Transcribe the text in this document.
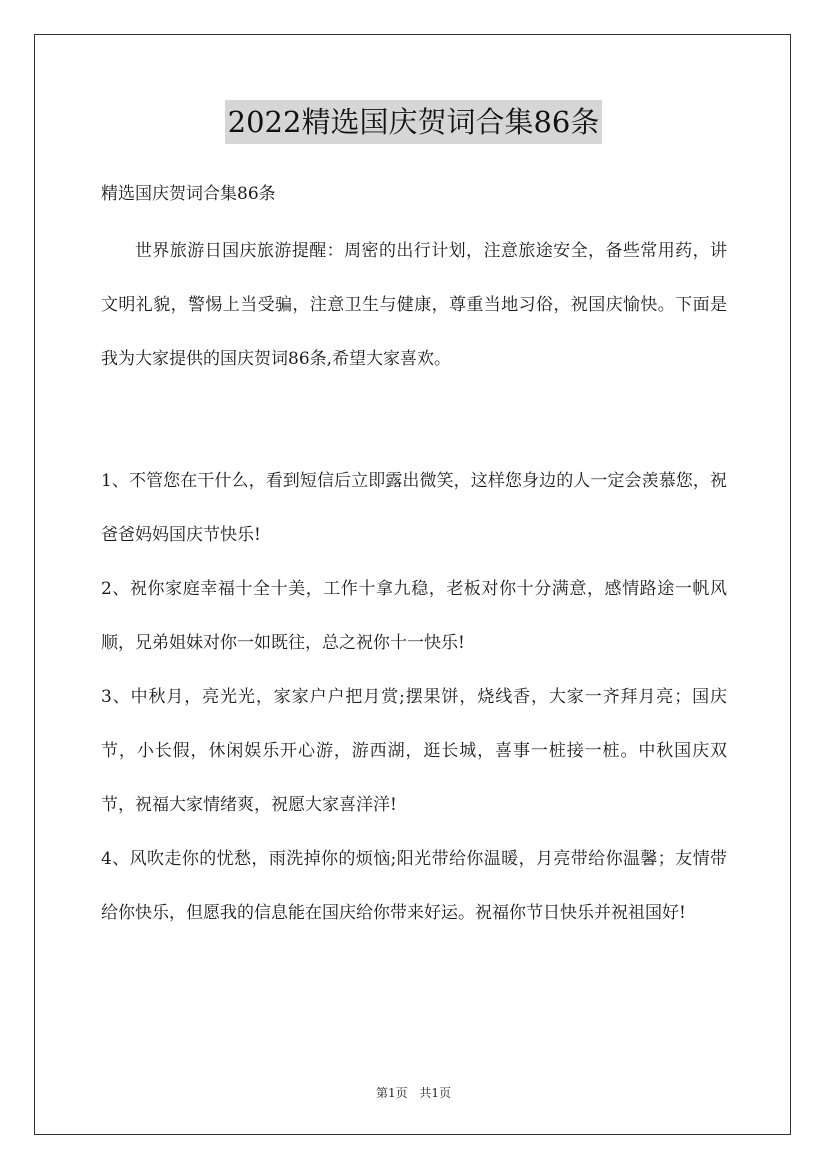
2022精选国庆贺词合集86条

精选国庆贺词合集86条

世界旅游日国庆旅游提醒：周密的出行计划，注意旅途安全，备些常用药，讲文明礼貌，警惕上当受骗，注意卫生与健康，尊重当地习俗，祝国庆愉快。下面是我为大家提供的国庆贺词86条,希望大家喜欢。

1、不管您在干什么，看到短信后立即露出微笑，这样您身边的人一定会羡慕您，祝爸爸妈妈国庆节快乐!

2、祝你家庭幸福十全十美，工作十拿九稳，老板对你十分满意，感情路途一帆风顺，兄弟姐妹对你一如既往，总之祝你十一快乐!

3、中秋月，亮光光，家家户户把月赏;摆果饼，烧线香，大家一齐拜月亮；国庆节，小长假，休闲娱乐开心游，游西湖，逛长城，喜事一桩接一桩。中秋国庆双节，祝福大家情绪爽，祝愿大家喜洋洋!

4、风吹走你的忧愁，雨洗掉你的烦恼;阳光带给你温暖，月亮带给你温馨；友情带给你快乐，但愿我的信息能在国庆给你带来好运。祝福你节日快乐并祝祖国好!

第1页 共1页
